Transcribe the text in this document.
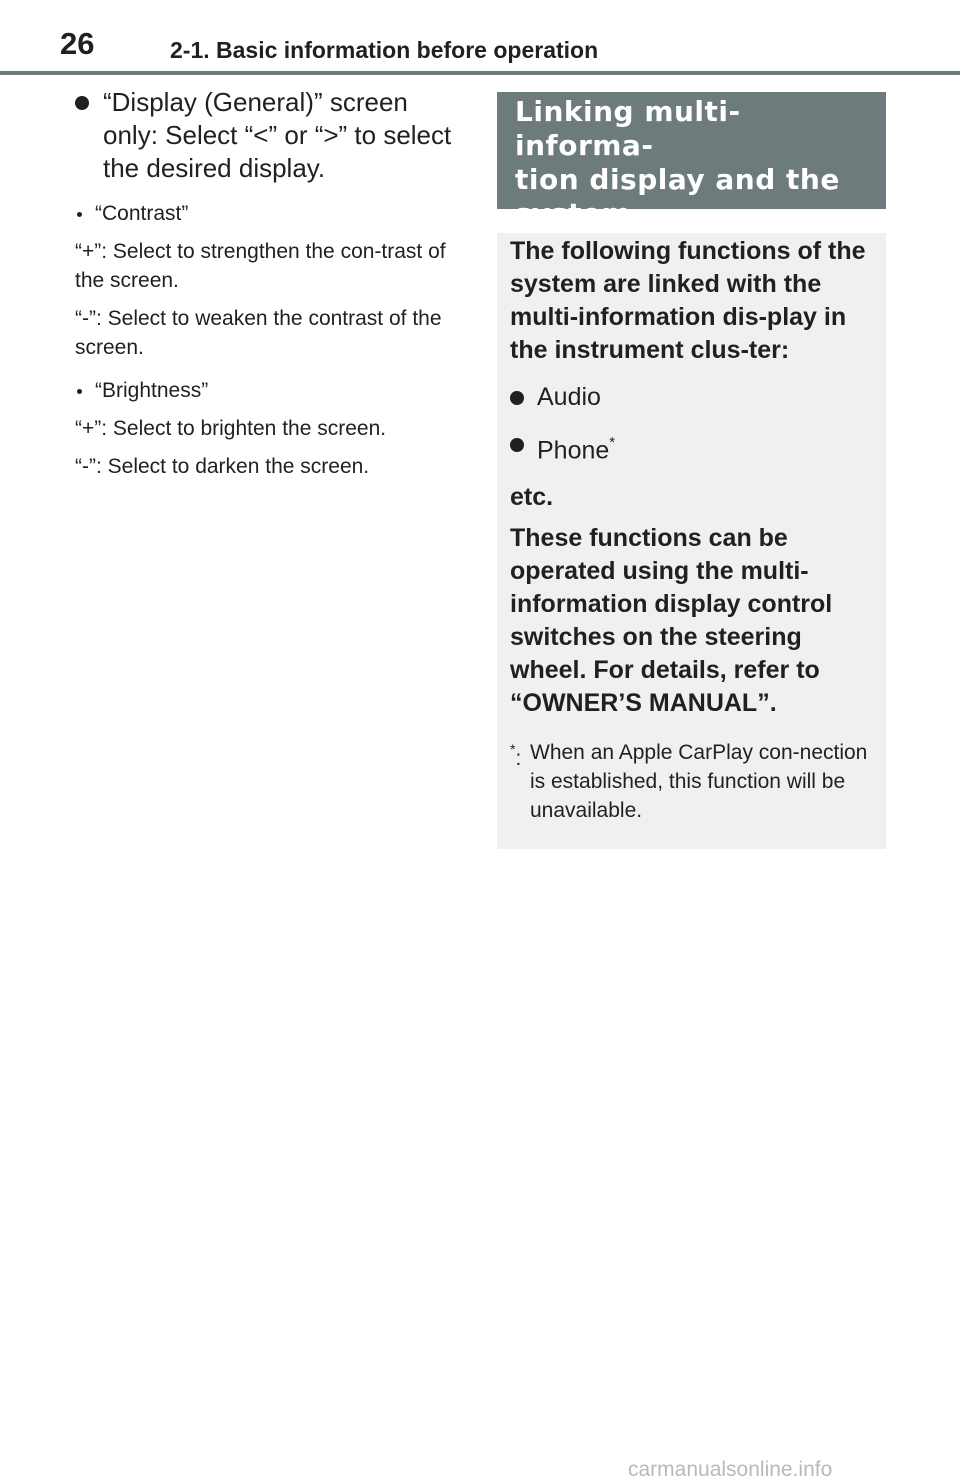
26	2-1. Basic information before operation
“Display (General)” screen only: Select “<” or “>” to select the desired display.
“Contrast”
“+”: Select to strengthen the con-trast of the screen.
“-”: Select to weaken the contrast of the screen.
“Brightness”
“+”: Select to brighten the screen.
“-”: Select to darken the screen.
Linking multi-informa-
tion display and the
system
The following functions of the system are linked with the multi-information dis-play in the instrument clus-ter:
Audio
Phone*
etc.
These functions can be operated using the multi-information display control switches on the steering wheel. For details, refer to “OWNER’S MANUAL”.
*: When an Apple CarPlay con-nection is established, this function will be unavailable.
carmanualsonline.info
